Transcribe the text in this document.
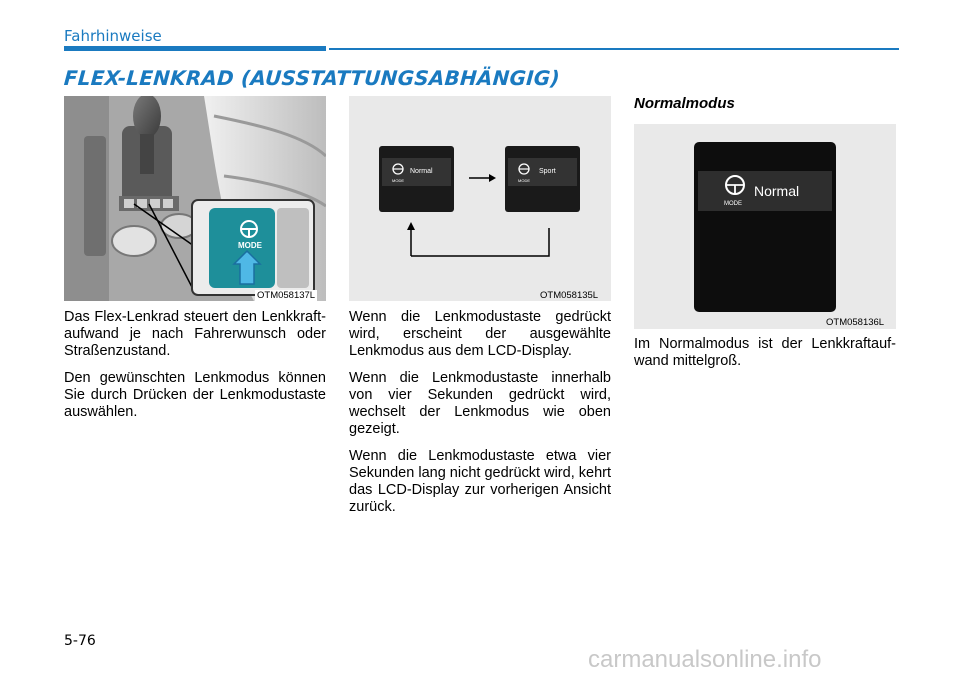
Fahrhinweise
FLEX-LENKRAD (AUSSTATTUNGSABHÄNGIG)
MODE
OTM058137L
MODE
Normal
MODE
Sport
OTM058135L
MODE
Normal
OTM058136L

Das Flex-Lenkrad steuert den Lenkkraft-aufwand je nach Fahrerwunsch oder Straßenzustand.

Den gewünschten Lenkmodus können Sie durch Drücken der Lenkmodustaste auswählen.

Wenn die Lenkmodustaste gedrückt wird, erscheint der ausgewählte Lenkmodus aus dem LCD-Display.

Wenn die Lenkmodustaste innerhalb von vier Sekunden gedrückt wird, wechselt der Lenkmodus wie oben gezeigt.

Wenn die Lenkmodustaste etwa vier Sekunden lang nicht gedrückt wird, kehrt das LCD-Display zur vorherigen Ansicht zurück.

Normalmodus

Im Normalmodus ist der Lenkkraftauf-wand mittelgroß.

5-76
carmanualsonline.info
